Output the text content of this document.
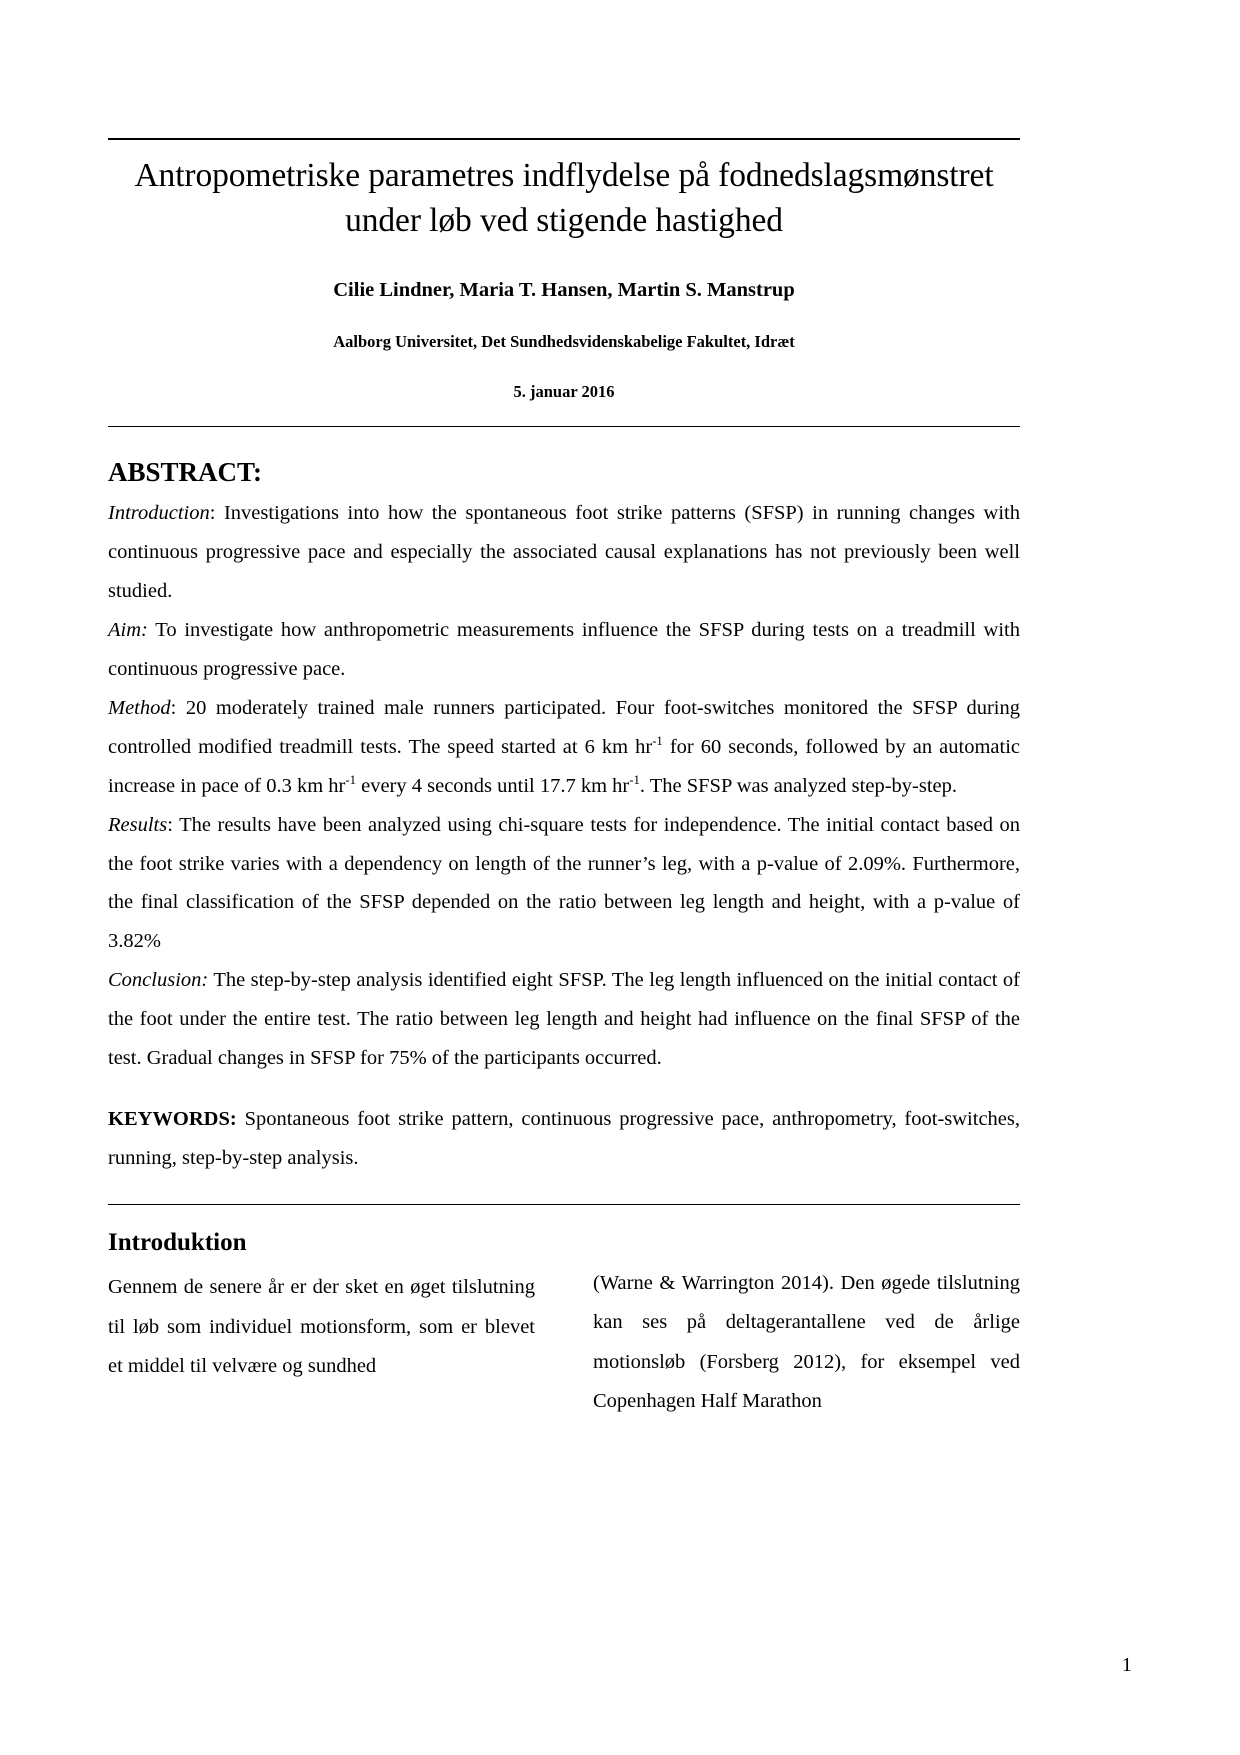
Antropometriske parametres indflydelse på fodnedslagsmønstret
under løb ved stigende hastighed
Cilie Lindner, Maria T. Hansen, Martin S. Manstrup
Aalborg Universitet, Det Sundhedsvidenskabelige Fakultet, Idræt
5. januar 2016
ABSTRACT:

Introduction: Investigations into how the spontaneous foot strike patterns (SFSP) in running changes with continuous progressive pace and especially the associated causal explanations has not previously been well studied.

Aim: To investigate how anthropometric measurements influence the SFSP during tests on a treadmill with continuous progressive pace.

Method: 20 moderately trained male runners participated. Four foot-switches monitored the SFSP during controlled modified treadmill tests. The speed started at 6 km $hr^{-1}$ for 60 seconds, followed by an automatic increase in pace of 0.3 km $hr^{-1}$ every 4 seconds until 17.7 km $hr^{-1}$. The SFSP was analyzed step-by-step.

Results: The results have been analyzed using chi-square tests for independence. The initial contact based on the foot strike varies with a dependency on length of the runner’s leg, with a p-value of 2.09%. Furthermore, the final classification of the SFSP depended on the ratio between leg length and height, with a p-value of 3.82%

Conclusion: The step-by-step analysis identified eight SFSP. The leg length influenced on the initial contact of the foot under the entire test. The ratio between leg length and height had influence on the final SFSP of the test. Gradual changes in SFSP for 75% of the participants occurred.

KEYWORDS: Spontaneous foot strike pattern, continuous progressive pace, anthropometry, foot-switches, running, step-by-step analysis.

Introduktion

Gennem de senere år er der sket en øget tilslutning til løb som individuel motionsform, som er blevet et middel til velvære og sundhed

(Warne & Warrington 2014). Den øgede tilslutning kan ses på deltagerantallene ved de årlige motionsløb (Forsberg 2012), for eksempel ved Copenhagen Half Marathon

1
